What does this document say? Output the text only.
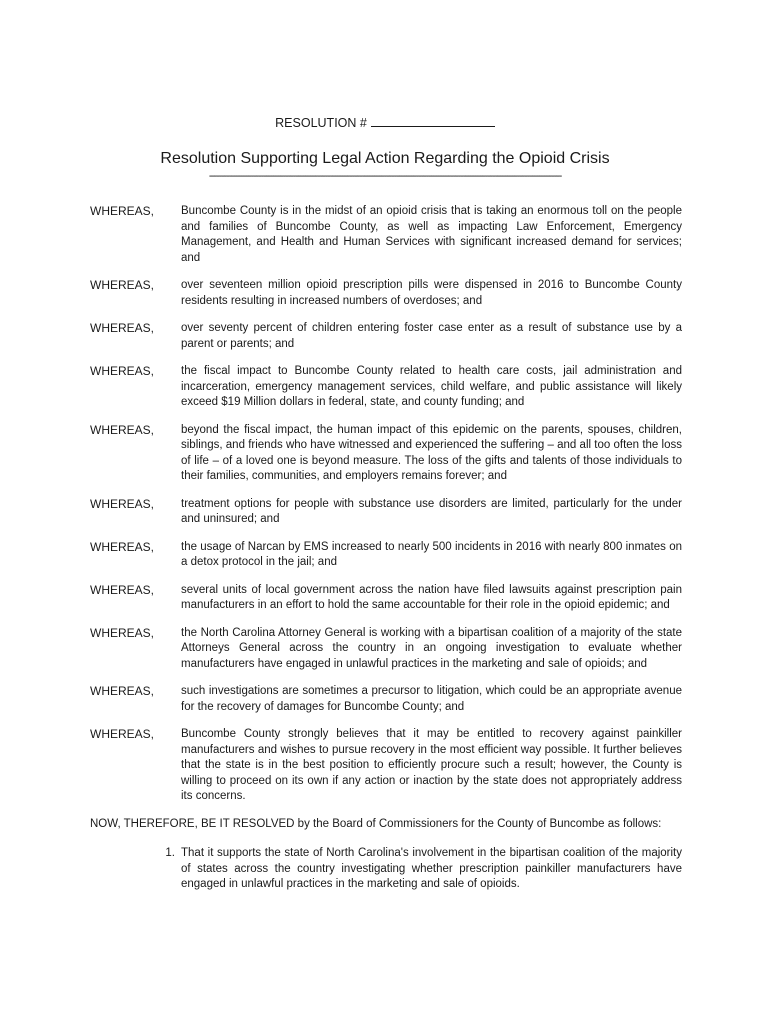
RESOLUTION #
Resolution Supporting Legal Action Regarding the Opioid Crisis
-----------------------------------------------------------------------------------------------------------------------------------------------
WHEREAS,	Buncombe County is in the midst of an opioid crisis that is taking an enormous toll on the people and families of Buncombe County, as well as impacting Law Enforcement, Emergency Management, and Health and Human Services with significant increased demand for services; and
WHEREAS,	over seventeen million opioid prescription pills were dispensed in 2016 to Buncombe County residents resulting in increased numbers of overdoses; and
WHEREAS,	over seventy percent of children entering foster case enter as a result of substance use by a parent or parents; and
WHEREAS,	the fiscal impact to Buncombe County related to health care costs, jail administration and incarceration, emergency management services, child welfare, and public assistance will likely exceed $19 Million dollars in federal, state, and county funding; and
WHEREAS,	beyond the fiscal impact, the human impact of this epidemic on the parents, spouses, children, siblings, and friends who have witnessed and experienced the suffering – and all too often the loss of life – of a loved one is beyond measure. The loss of the gifts and talents of those individuals to their families, communities, and employers remains forever; and
WHEREAS,	treatment options for people with substance use disorders are limited, particularly for the under and uninsured; and
WHEREAS,	the usage of Narcan by EMS increased to nearly 500 incidents in 2016 with nearly 800 inmates on a detox protocol in the jail; and
WHEREAS,	several units of local government across the nation have filed lawsuits against prescription pain manufacturers in an effort to hold the same accountable for their role in the opioid epidemic; and
WHEREAS,	the North Carolina Attorney General is working with a bipartisan coalition of a majority of the state Attorneys General across the country in an ongoing investigation to evaluate whether manufacturers have engaged in unlawful practices in the marketing and sale of opioids; and
WHEREAS,	such investigations are sometimes a precursor to litigation, which could be an appropriate avenue for the recovery of damages for Buncombe County; and
WHEREAS,	Buncombe County strongly believes that it may be entitled to recovery against painkiller manufacturers and wishes to pursue recovery in the most efficient way possible. It further believes that the state is in the best position to efficiently procure such a result; however, the County is willing to proceed on its own if any action or inaction by the state does not appropriately address its concerns.
NOW, THEREFORE, BE IT RESOLVED by the Board of Commissioners for the County of Buncombe as follows:
1. That it supports the state of North Carolina's involvement in the bipartisan coalition of the majority of states across the country investigating whether prescription painkiller manufacturers have engaged in unlawful practices in the marketing and sale of opioids.
